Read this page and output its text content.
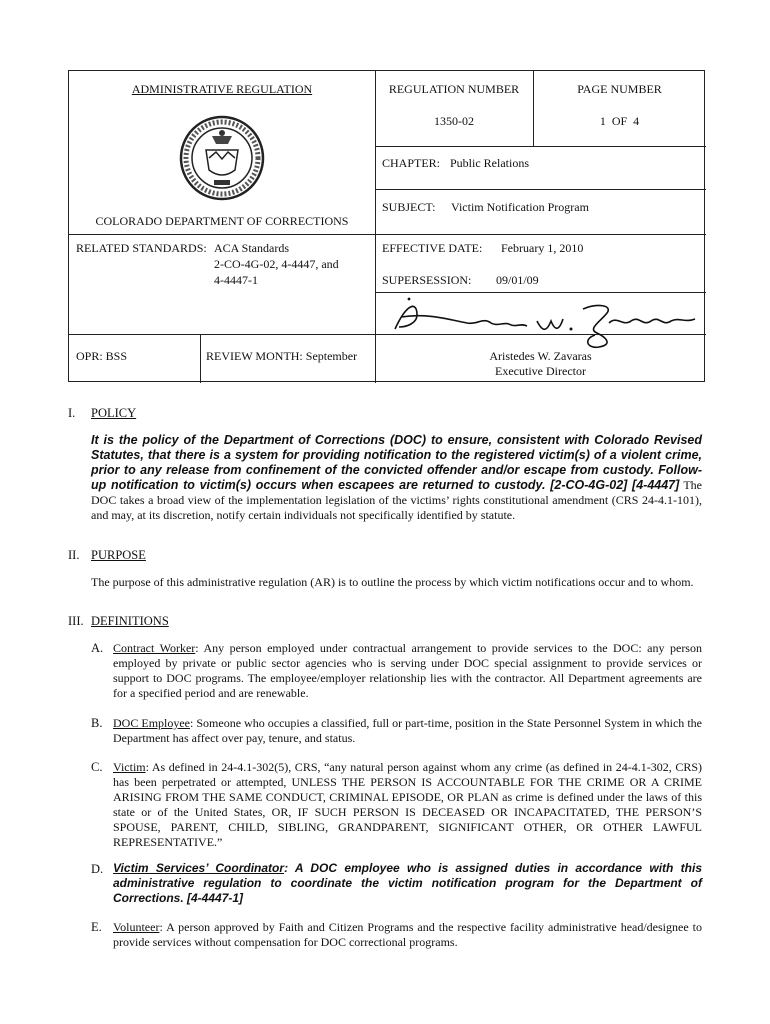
ADMINISTRATIVE REGULATION
COLORADO DEPARTMENT OF CORRECTIONS
REGULATION NUMBER
1350-02
PAGE NUMBER
1  OF  4
CHAPTER: Public Relations
SUBJECT: Victim Notification Program
RELATED STANDARDS: ACA Standards
2-CO-4G-02, 4-4447, and
4-4447-1
EFFECTIVE DATE: February 1, 2010
SUPERSESSION: 09/01/09
OPR: BSS	REVIEW MONTH: September	Aristedes W. Zavaras
Executive Director
I. POLICY
It is the policy of the Department of Corrections (DOC) to ensure, consistent with Colorado Revised Statutes, that there is a system for providing notification to the registered victim(s) of a violent crime, prior to any release from confinement of the convicted offender and/or escape from custody. Follow-up notification to victim(s) occurs when escapees are returned to custody. [2-CO-4G-02] [4-4447] The DOC takes a broad view of the implementation legislation of the victims’ rights constitutional amendment (CRS 24-4.1-101), and may, at its discretion, notify certain individuals not specifically identified by statute.
II. PURPOSE
The purpose of this administrative regulation (AR) is to outline the process by which victim notifications occur and to whom.
III. DEFINITIONS
A. Contract Worker: Any person employed under contractual arrangement to provide services to the DOC: any person employed by private or public sector agencies who is serving under DOC special assignment to provide services or support to DOC programs. The employee/employer relationship lies with the contractor. All Department agreements are for a specified period and are renewable.
B. DOC Employee: Someone who occupies a classified, full or part-time, position in the State Personnel System in which the Department has affect over pay, tenure, and status.
C. Victim: As defined in 24-4.1-302(5), CRS, “any natural person against whom any crime (as defined in 24-4.1-302, CRS) has been perpetrated or attempted, UNLESS THE PERSON IS ACCOUNTABLE FOR THE CRIME OR A CRIME ARISING FROM THE SAME CONDUCT, CRIMINAL EPISODE, OR PLAN as crime is defined under the laws of this state or of the United States, OR, IF SUCH PERSON IS DECEASED OR INCAPACITATED, THE PERSON’S SPOUSE, PARENT, CHILD, SIBLING, GRANDPARENT, SIGNIFICANT OTHER, OR OTHER LAWFUL REPRESENTATIVE.”
D. Victim Services’ Coordinator: A DOC employee who is assigned duties in accordance with this administrative regulation to coordinate the victim notification program for the Department of Corrections. [4-4447-1]
E. Volunteer: A person approved by Faith and Citizen Programs and the respective facility administrative head/designee to provide services without compensation for DOC correctional programs.
